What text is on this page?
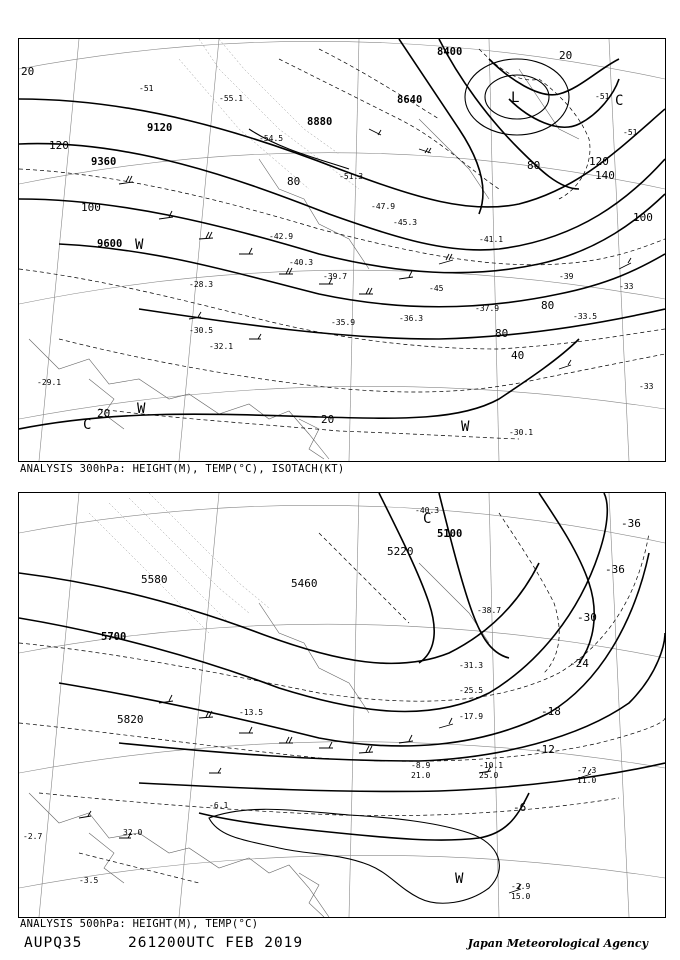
9120
9360
9600
8880
8640
8400
20	20
40
20
20
80
80
80
100
100
120
120
140
80
-55.1
-54.5
-51.3
-47.9
-45.3
-42.9	-41.1
-40.3
-39.7
-37.9
-36.3
-35.9
-33.5
-32.1
-30.5
-30.1
-29.1
-28.3	-33
-39
-45
-51
-51
-51
-33
L
C
W
W
W
C
ANALYSIS 300hPa: HEIGHT(M), TEMP(°C), ISOTACH(KT)
5100
5220
5460
5580
5700
5820
-36
-36
-30
-24
-18
-12
-6
-40.3
-38.7
-31.3
-25.5
-17.9
-13.5
-10.1
-8.9
-7.3
-6.1
-3.5
-2.9
-2.7
11.0
15.0
21.0	25.0
32.0
W
C
ANALYSIS 500hPa: HEIGHT(M), TEMP(°C)
AUPQ35	261200UTC FEB 2019	Japan Meteorological Agency
